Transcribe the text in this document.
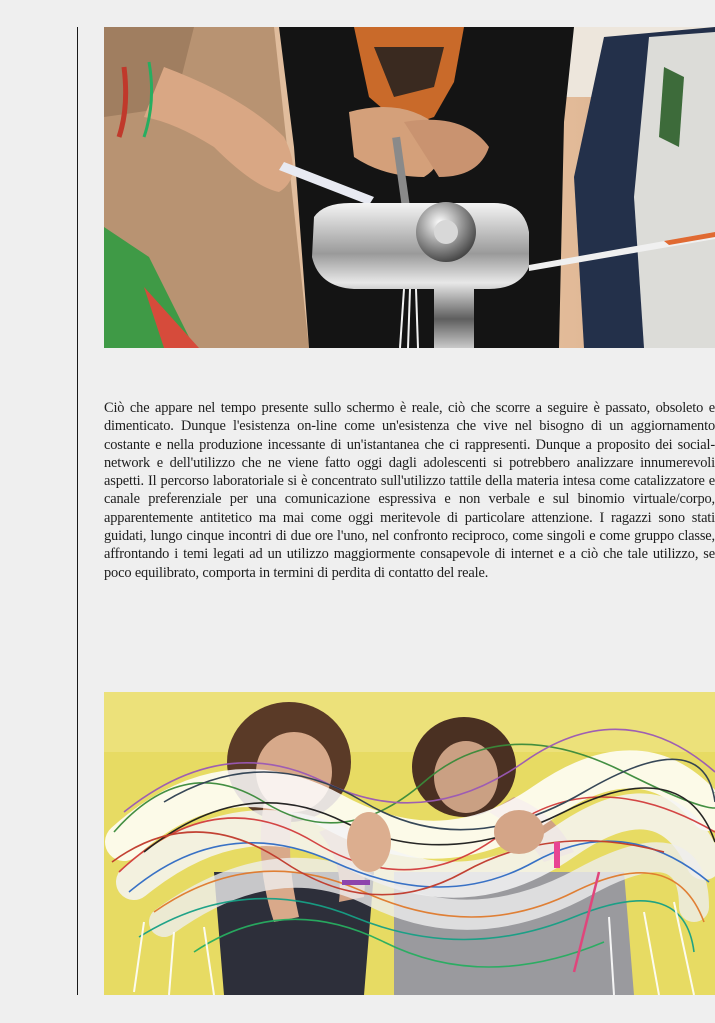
Ciò che appare nel tempo presente sullo schermo è reale, ciò che scorre a seguire è passato, obsoleto e dimenticato. Dunque l'esistenza on-line come un'esistenza che vive nel bisogno di un aggiornamento costante e nella produzione incessante di un'istantanea che ci rappresenti. Dunque a proposito dei social-network e dell'utilizzo che ne viene fatto oggi dagli adolescenti si potrebbero analizzare innumerevoli aspetti. Il percorso laboratoriale si è concentrato sull'utilizzo tattile della materia intesa come catalizzatore e canale preferenziale per una comunicazione espressiva e non verbale e sul binomio virtuale/corpo, apparentemente antitetico ma mai come oggi meritevole di particolare attenzione. I ragazzi sono stati guidati, lungo cinque incontri di due ore l'uno, nel confronto reciproco, come singoli e come gruppo classe, affrontando i temi legati ad un utilizzo maggiormente consapevole di internet e a ciò che tale utilizzo, se poco equilibrato, comporta in termini di perdita di contatto del reale.
